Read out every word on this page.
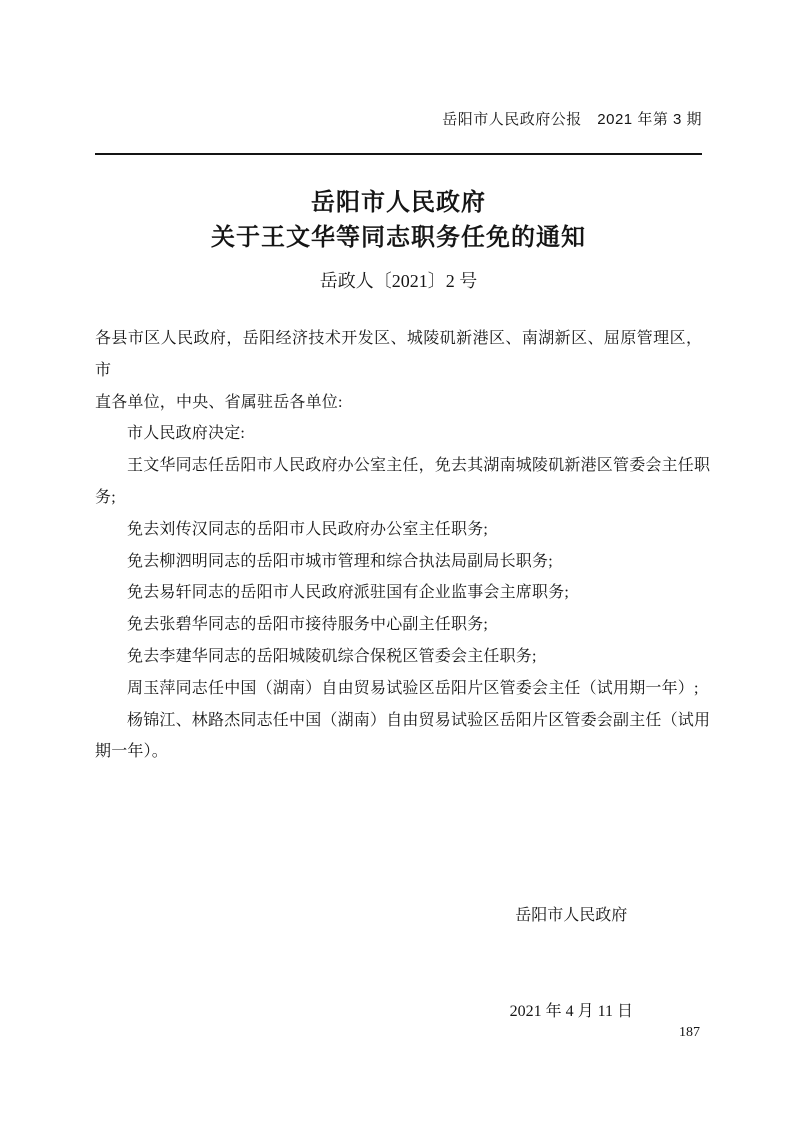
岳阳市人民政府公报　2021 年第 3 期

岳阳市人民政府
关于王文华等同志职务任免的通知
岳政人〔2021〕2 号
各县市区人民政府，岳阳经济技术开发区、城陵矶新港区、南湖新区、屈原管理区，市
直各单位，中央、省属驻岳各单位:
市人民政府决定:
王文华同志任岳阳市人民政府办公室主任，免去其湖南城陵矶新港区管委会主任职
务;
免去刘传汉同志的岳阳市人民政府办公室主任职务;
免去柳泗明同志的岳阳市城市管理和综合执法局副局长职务;
免去易轩同志的岳阳市人民政府派驻国有企业监事会主席职务;
免去张碧华同志的岳阳市接待服务中心副主任职务;
免去李建华同志的岳阳城陵矶综合保税区管委会主任职务;
周玉萍同志任中国（湖南）自由贸易试验区岳阳片区管委会主任（试用期一年）;
杨锦江、林路杰同志任中国（湖南）自由贸易试验区岳阳片区管委会副主任（试用
期一年）。

岳阳市人民政府

2021 年 4 月 11 日

187
